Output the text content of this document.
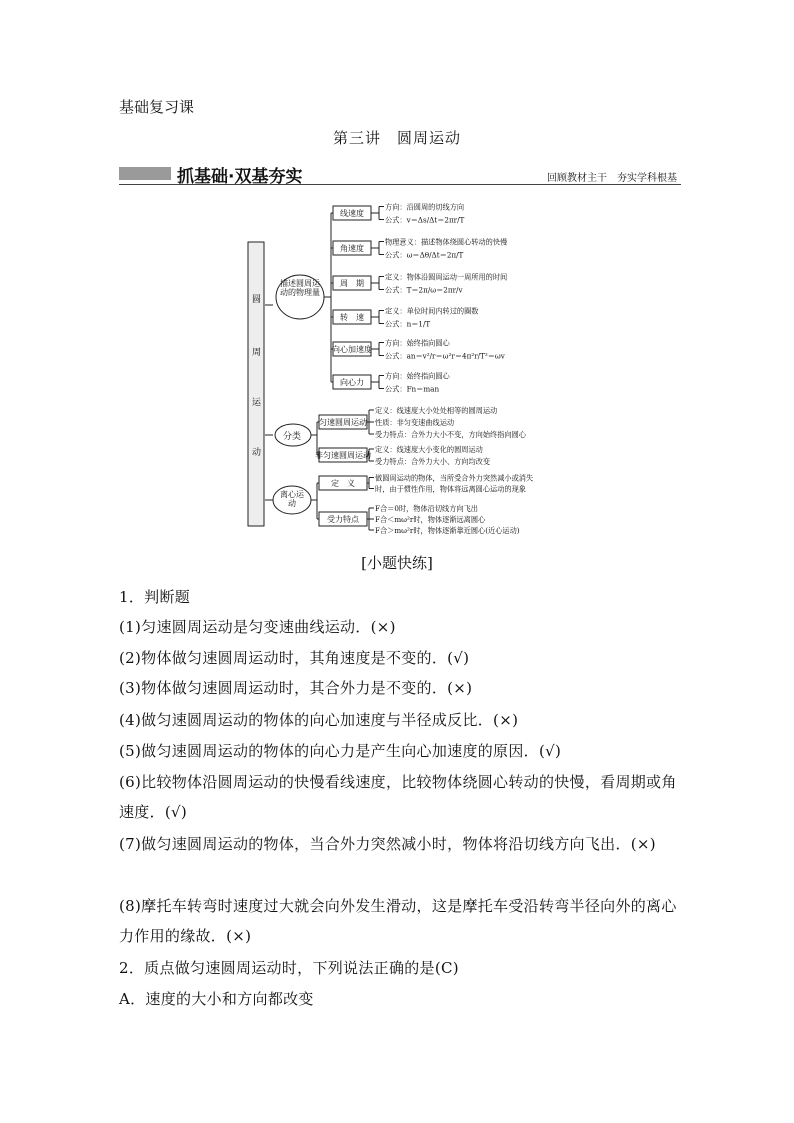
基础复习课
第三讲　圆周运动
抓基础·双基夯实	回顾教材主干　夯实学科根基
圆
周
运
动
描述圆周运动的物理量
分类
离心运动
线速度
方向：沿圆周的切线方向
公式：v＝Δs/Δt＝2πr/T
角速度
物理意义：描述物体绕圆心转动的快慢
公式：ω＝Δθ/Δt＝2π/T
周　期
定义：物体沿圆周运动一周所用的时间
公式：T＝2π/ω＝2πr/v
转　速
定义：单位时间内转过的圈数
公式：n＝1/T
向心加速度
方向：始终指向圆心
公式：an＝v²/r＝ω²r＝4π²r/T²＝ωv
向心力
方向：始终指向圆心
公式：Fn＝man
匀速圆周运动
定义：线速度大小处处相等的圆周运动
性质：非匀变速曲线运动
受力特点：合外力大小不变，方向始终指向圆心
非匀速圆周运动
定义：线速度大小变化的圆周运动
受力特点：合外力大小、方向均改变
定　义
做圆周运动的物体，当所受合外力突然减小或消失
时，由于惯性作用，物体将远离圆心运动的现象
受力特点
F合＝0时，物体沿切线方向飞出
F合＜mω²r时，物体逐渐远离圆心
F合＞mω²r时，物体逐渐靠近圆心(近心运动)
[小题快练]
1．判断题
(1)匀速圆周运动是匀变速曲线运动．(×)
(2)物体做匀速圆周运动时，其角速度是不变的．(√)
(3)物体做匀速圆周运动时，其合外力是不变的．(×)
(4)做匀速圆周运动的物体的向心加速度与半径成反比．(×)
(5)做匀速圆周运动的物体的向心力是产生向心加速度的原因．(√)
(6)比较物体沿圆周运动的快慢看线速度，比较物体绕圆心转动的快慢，看周期或角速度．(√)
(7)做匀速圆周运动的物体，当合外力突然减小时，物体将沿切线方向飞出．(×)
(8)摩托车转弯时速度过大就会向外发生滑动，这是摩托车受沿转弯半径向外的离心力作用的缘故．(×)
2．质点做匀速圆周运动时，下列说法正确的是(C)
A．速度的大小和方向都改变
